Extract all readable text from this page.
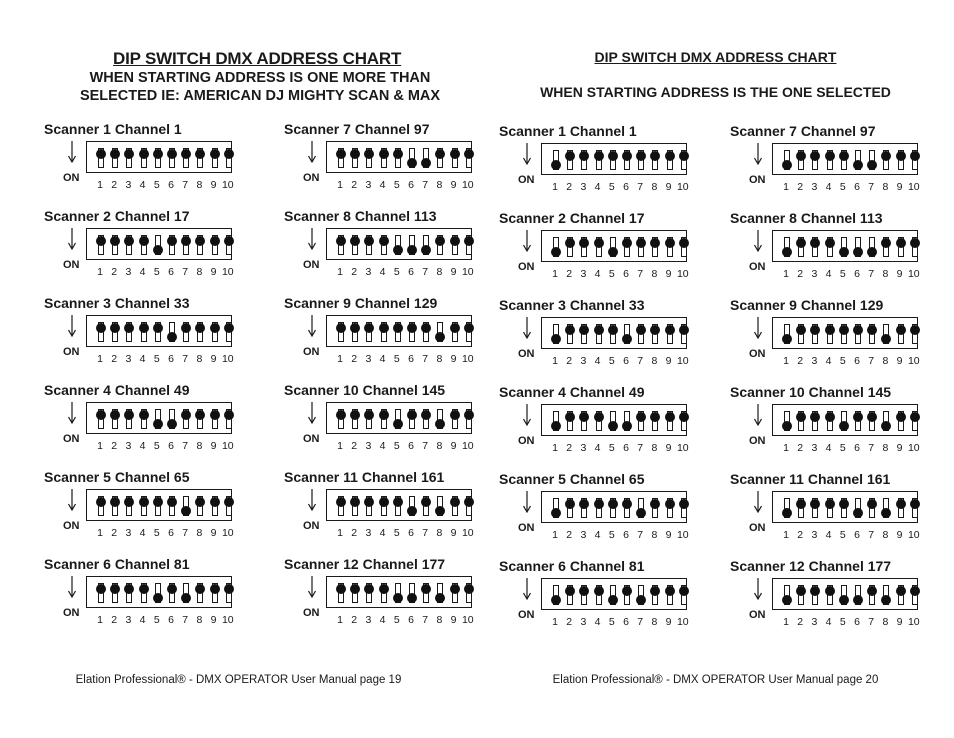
DIP SWITCH DMX ADDRESS CHART
WHEN STARTING ADDRESS IS ONE MORE THAN
SELECTED IE: AMERICAN DJ MIGHTY SCAN & MAX
Scanner 1 Channel 1
ON
1 2 3 4 5 6 7 8 9 10
Scanner 2 Channel 17
ON
1 2 3 4 5 6 7 8 9 10
Scanner 3 Channel 33
ON
1 2 3 4 5 6 7 8 9 10
Scanner 4 Channel 49
ON
1 2 3 4 5 6 7 8 9 10
Scanner 5 Channel 65
ON
1 2 3 4 5 6 7 8 9 10
Scanner 6 Channel 81
ON
1 2 3 4 5 6 7 8 9 10
Scanner 7 Channel 97
ON
1 2 3 4 5 6 7 8 9 10
Scanner 8 Channel 113
ON
1 2 3 4 5 6 7 8 9 10
Scanner 9 Channel 129
ON
1 2 3 4 5 6 7 8 9 10
Scanner 10 Channel 145
ON
1 2 3 4 5 6 7 8 9 10
Scanner 11 Channel 161
ON
1 2 3 4 5 6 7 8 9 10
Scanner 12 Channel 177
ON
1 2 3 4 5 6 7 8 9 10
Elation Professional® - DMX OPERATOR User Manual page 19
DIP SWITCH DMX ADDRESS CHART
WHEN STARTING ADDRESS IS THE ONE SELECTED
Scanner 1 Channel 1
ON
1 2 3 4 5 6 7 8 9 10
Scanner 2 Channel 17
ON
1 2 3 4 5 6 7 8 9 10
Scanner 3 Channel 33
ON
1 2 3 4 5 6 7 8 9 10
Scanner 4 Channel 49
ON
1 2 3 4 5 6 7 8 9 10
Scanner 5 Channel 65
ON
1 2 3 4 5 6 7 8 9 10
Scanner 6 Channel 81
ON
1 2 3 4 5 6 7 8 9 10
Scanner 7 Channel 97
ON
1 2 3 4 5 6 7 8 9 10
Scanner 8 Channel 113
ON
1 2 3 4 5 6 7 8 9 10
Scanner 9 Channel 129
ON
1 2 3 4 5 6 7 8 9 10
Scanner 10 Channel 145
ON
1 2 3 4 5 6 7 8 9 10
Scanner 11 Channel 161
ON
1 2 3 4 5 6 7 8 9 10
Scanner 12 Channel 177
ON
1 2 3 4 5 6 7 8 9 10
Elation Professional® - DMX OPERATOR User Manual page 20
